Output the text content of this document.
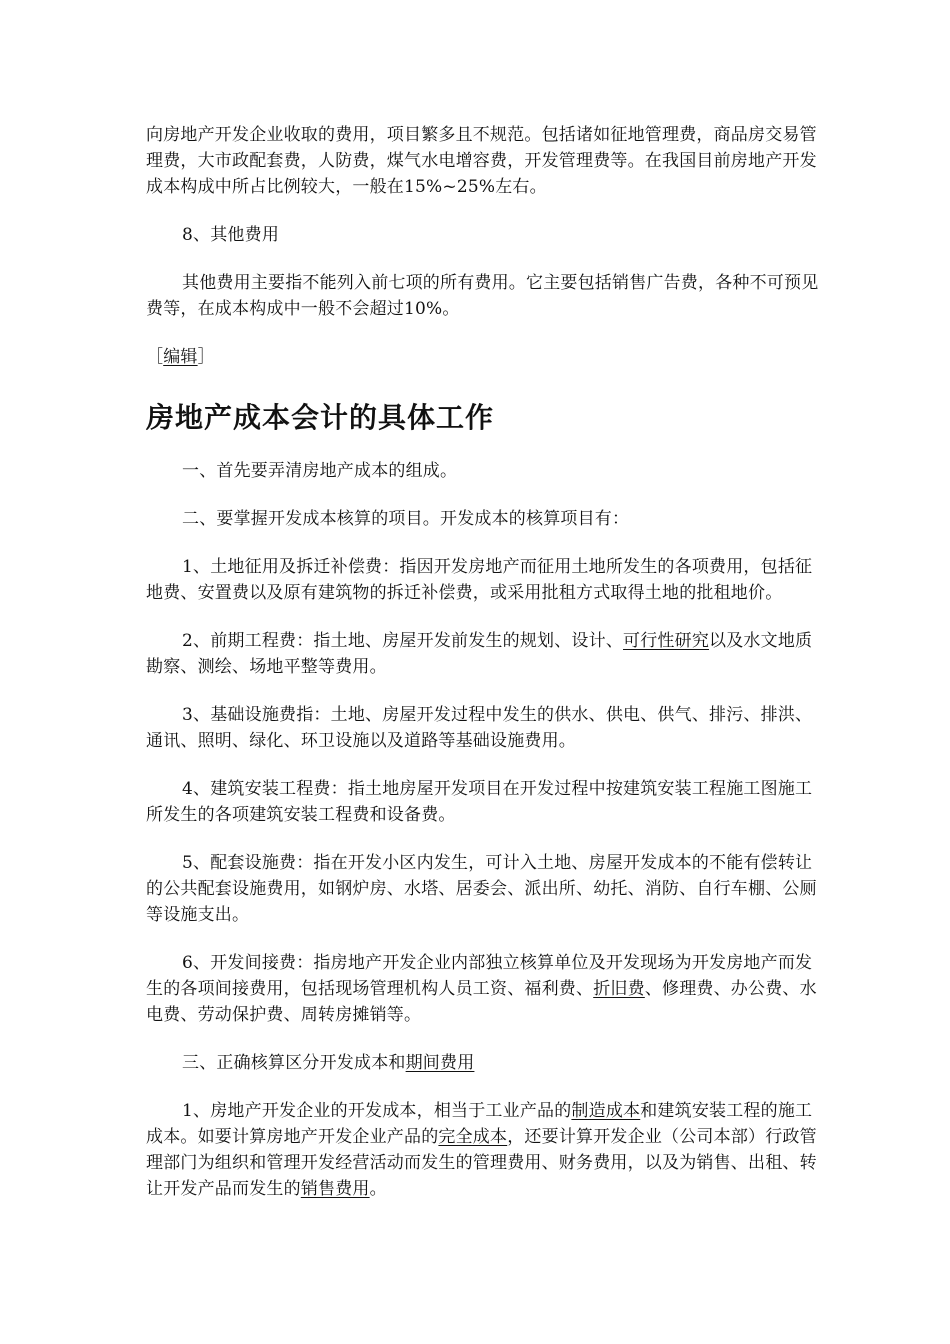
向房地产开发企业收取的费用，项目繁多且不规范。包括诸如征地管理费，商品房交易管理费，大市政配套费，人防费，煤气水电增容费，开发管理费等。在我国目前房地产开发成本构成中所占比例较大，一般在15%~25%左右。

8、其他费用

其他费用主要指不能列入前七项的所有费用。它主要包括销售广告费，各种不可预见费等，在成本构成中一般不会超过10%。

［编辑］

房地产成本会计的具体工作

一、首先要弄清房地产成本的组成。

二、要掌握开发成本核算的项目。开发成本的核算项目有：

1、土地征用及拆迁补偿费：指因开发房地产而征用土地所发生的各项费用，包括征地费、安置费以及原有建筑物的拆迁补偿费，或采用批租方式取得土地的批租地价。

2、前期工程费：指土地、房屋开发前发生的规划、设计、可行性研究以及水文地质勘察、测绘、场地平整等费用。

3、基础设施费指：土地、房屋开发过程中发生的供水、供电、供气、排污、排洪、通讯、照明、绿化、环卫设施以及道路等基础设施费用。

4、建筑安装工程费：指土地房屋开发项目在开发过程中按建筑安装工程施工图施工所发生的各项建筑安装工程费和设备费。

5、配套设施费：指在开发小区内发生，可计入土地、房屋开发成本的不能有偿转让的公共配套设施费用，如钢炉房、水塔、居委会、派出所、幼托、消防、自行车棚、公厕等设施支出。

6、开发间接费：指房地产开发企业内部独立核算单位及开发现场为开发房地产而发生的各项间接费用，包括现场管理机构人员工资、福利费、折旧费、修理费、办公费、水电费、劳动保护费、周转房摊销等。

三、正确核算区分开发成本和期间费用

1、房地产开发企业的开发成本，相当于工业产品的制造成本和建筑安装工程的施工成本。如要计算房地产开发企业产品的完全成本，还要计算开发企业（公司本部）行政管理部门为组织和管理开发经营活动而发生的管理费用、财务费用，以及为销售、出租、转让开发产品而发生的销售费用。
